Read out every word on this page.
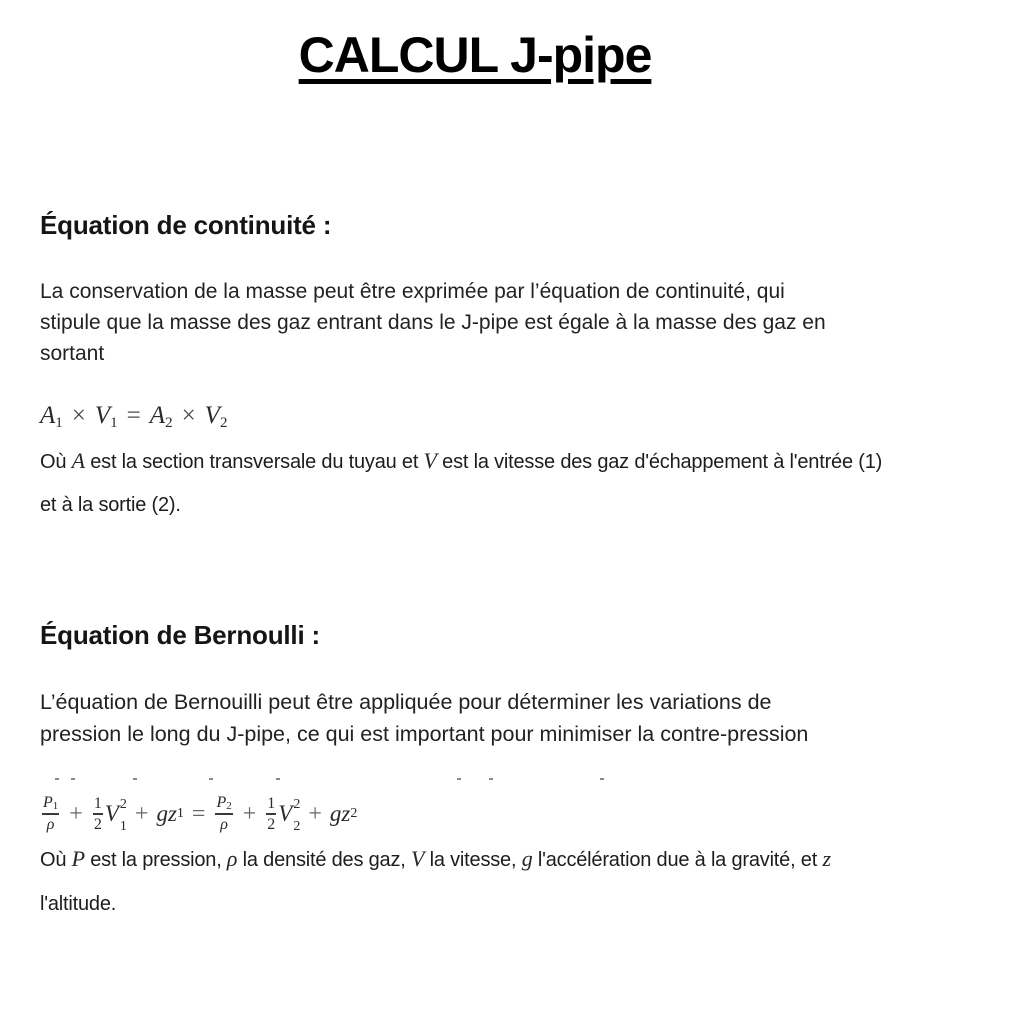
CALCUL J-pipe
Équation de continuité :
La conservation de la masse peut être exprimée par l’équation de continuité, qui
stipule que la masse des gaz entrant dans le J-pipe est égale à la masse des gaz en
sortant
A1 × V1 = A2 × V2
Où A est la section transversale du tuyau et V est la vitesse des gaz d'échappement à l'entrée (1)
et à la sortie (2).
Équation de Bernoulli :
L’équation de Bernouilli peut être appliquée pour déterminer les variations de
pression le long du J-pipe, ce qui est important pour minimiser la contre-pression
$\frac{P1}{\rho} + \frac{1}{2}$ V 2
1 + g z $1 = \frac{P2}{\rho} + \frac{1}{2}$ V 2
2 + g z 2
Où P est la pression, ρ la densité des gaz, V la vitesse, g l'accélération due à la gravité, et z
l'altitude.
